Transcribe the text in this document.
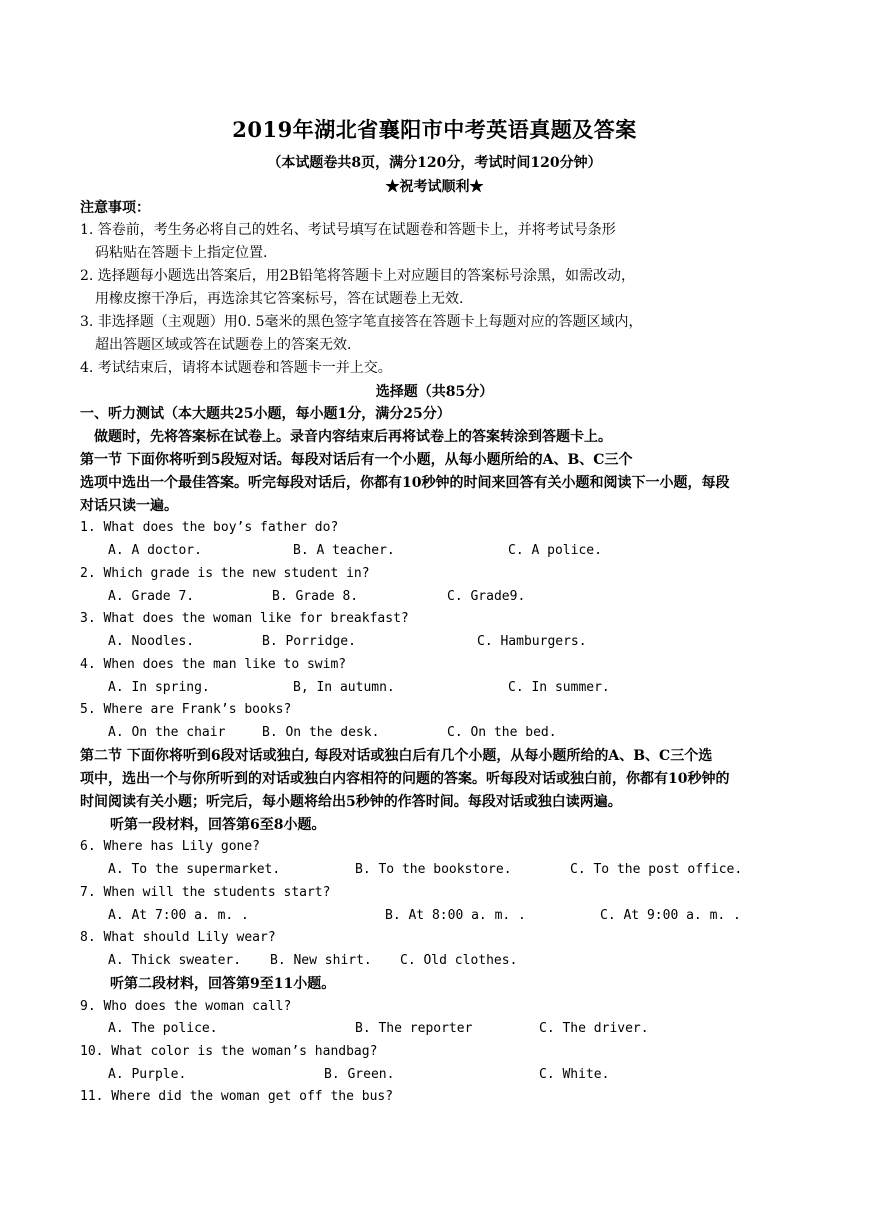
2019年湖北省襄阳市中考英语真题及答案
（本试题卷共8页，满分120分，考试时间120分钟）
★祝考试顺利★
注意事项：
1. 答卷前，考生务必将自己的姓名、考试号填写在试题卷和答题卡上，并将考试号条形
码粘贴在答题卡上指定位置.
2. 选择题每小题选出答案后，用2B铅笔将答题卡上对应题目的答案标号涂黑，如需改动，
用橡皮擦干净后，再选涂其它答案标号，答在试题卷上无效.
3. 非选择题（主观题）用0. 5毫米的黑色签字笔直接答在答题卡上每题对应的答题区域内，
超出答题区域或答在试题卷上的答案无效.
4. 考试结束后，请将本试题卷和答题卡一并上交。
选择题（共85分）
一、听力测试（本大题共25小题，每小题1分，满分25分）
做题时，先将答案标在试卷上。录音内容结束后再将试卷上的答案转涂到答题卡上。
第一节 下面你将听到5段短对话。每段对话后有一个小题，从每小题所给的A、B、C三个
选项中选出一个最佳答案。听完每段对话后，你都有10秒钟的时间来回答有关小题和阅读下一小题，每段
对话只读一遍。
1. What does the boy’s father do?
A. A doctor.	B. A teacher.	C. A police.
2. Which grade is the new student in?
A. Grade 7.	B. Grade 8.	C. Grade9.
3. What does the woman like for breakfast?
A. Noodles.	B. Porridge.	C. Hamburgers.
4. When does the man like to swim?
A. In spring.	B, In autumn.	C. In summer.
5. Where are Frank’s books?
A. On the chair	B. On the desk.	C. On the bed.
第二节 下面你将听到6段对话或独白, 每段对话或独白后有几个小题，从每小题所给的A、B、C三个选
项中，选出一个与你所听到的对话或独白内容相符的问题的答案。听每段对话或独白前，你都有10秒钟的
时间阅读有关小题；听完后，每小题将给出5秒钟的作答时间。每段对话或独白读两遍。
听第一段材料，回答第6至8小题。
6. Where has Lily gone?
A. To the supermarket.	B. To the bookstore.	C. To the post office.
7. When will the students start?
A. At 7:00 a. m. .	B. At 8:00 a. m. .	C. At 9:00 a. m. .
8. What should Lily wear?
A. Thick sweater. B. New shirt. C. Old clothes.
听第二段材料，回答第9至11小题。
9. Who does the woman call?
A. The police.	B. The reporter	C. The driver.
10. What color is the woman’s handbag?
A. Purple.	B. Green.	C. White.
11. Where did the woman get off the bus?
